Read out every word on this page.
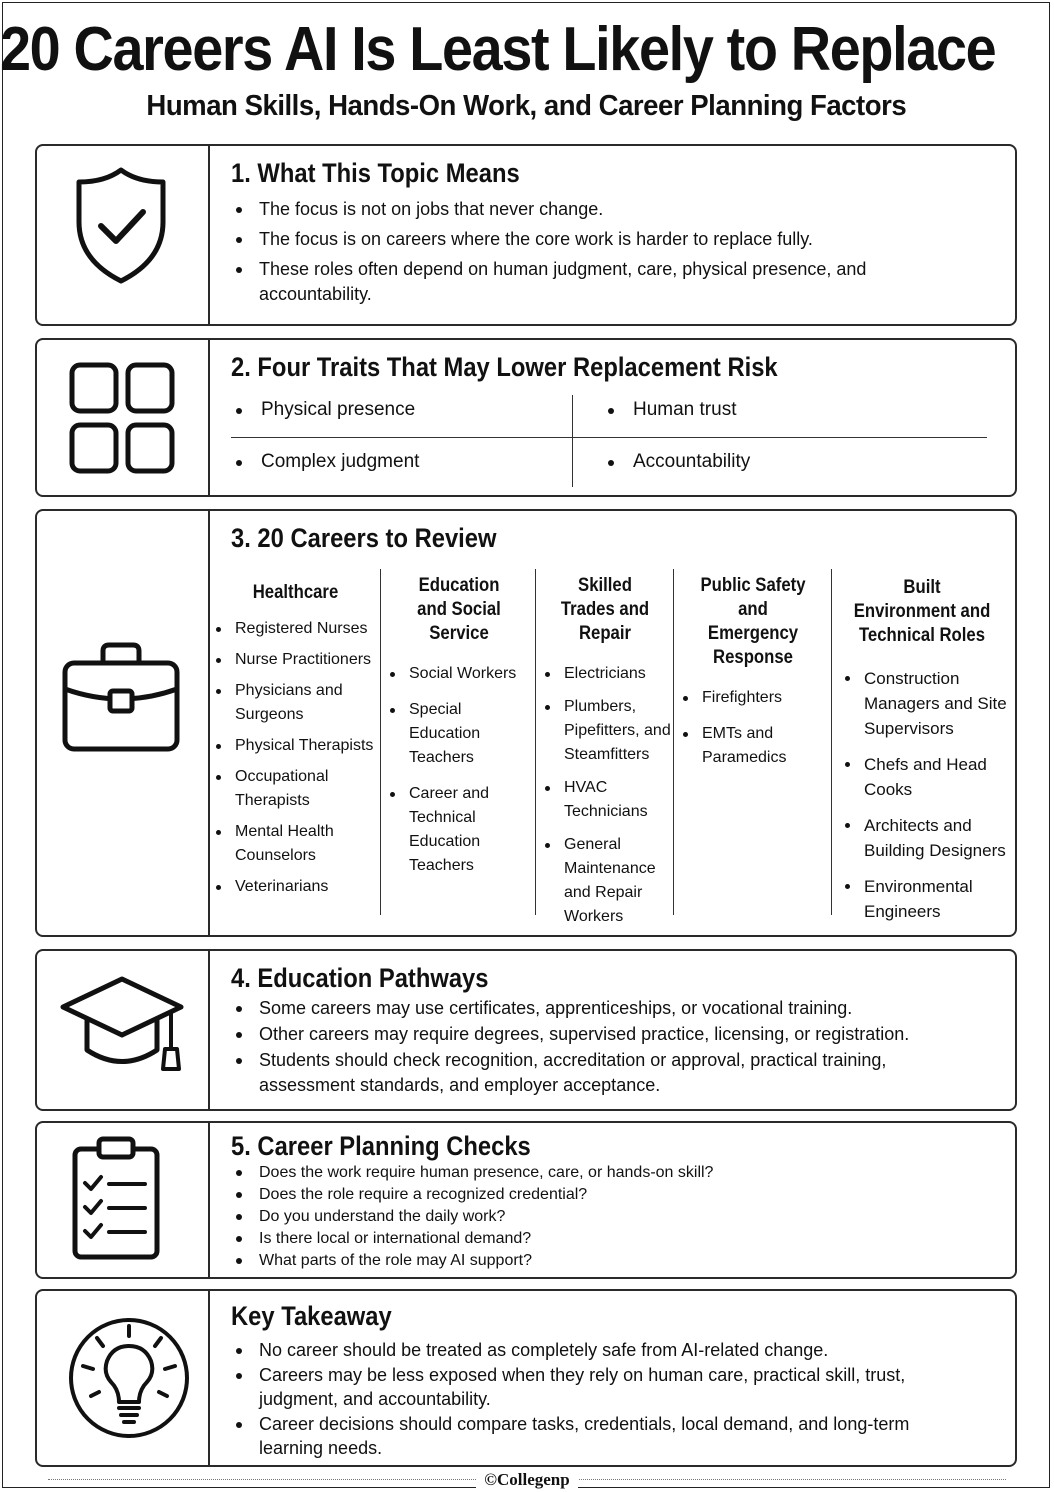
20 Careers AI Is Least Likely to Replace
Human Skills, Hands-On Work, and Career Planning Factors
1. What This Topic Means
The focus is not on jobs that never change.
The focus is on careers where the core work is harder to replace fully.
These roles often depend on human judgment, care, physical presence, and accountability.
2. Four Traits That May Lower Replacement Risk
Physical presence	Human trust
Complex judgment	Accountability
3. 20 Careers to Review
Healthcare
Registered Nurses
Nurse Practitioners
Physicians and Surgeons
Physical Therapists
Occupational Therapists
Mental Health Counselors
Veterinarians
Education and Social Service
Social Workers
Special Education Teachers
Career and Technical Education Teachers
Skilled Trades and Repair
Electricians
Plumbers, Pipefitters, and Steamfitters
HVAC Technicians
General Maintenance and Repair Workers
Public Safety and Emergency Response
Firefighters
EMTs and Paramedics
Built Environment and Technical Roles
Construction Managers and Site Supervisors
Chefs and Head Cooks
Architects and Building Designers
Environmental Engineers
4. Education Pathways
Some careers may use certificates, apprenticeships, or vocational training.
Other careers may require degrees, supervised practice, licensing, or registration.
Students should check recognition, accreditation or approval, practical training, assessment standards, and employer acceptance.
5. Career Planning Checks
Does the work require human presence, care, or hands-on skill?
Does the role require a recognized credential?
Do you understand the daily work?
Is there local or international demand?
What parts of the role may AI support?
Key Takeaway
No career should be treated as completely safe from AI-related change.
Careers may be less exposed when they rely on human care, practical skill, trust, judgment, and accountability.
Career decisions should compare tasks, credentials, local demand, and long-term learning needs.
©Collegenp
